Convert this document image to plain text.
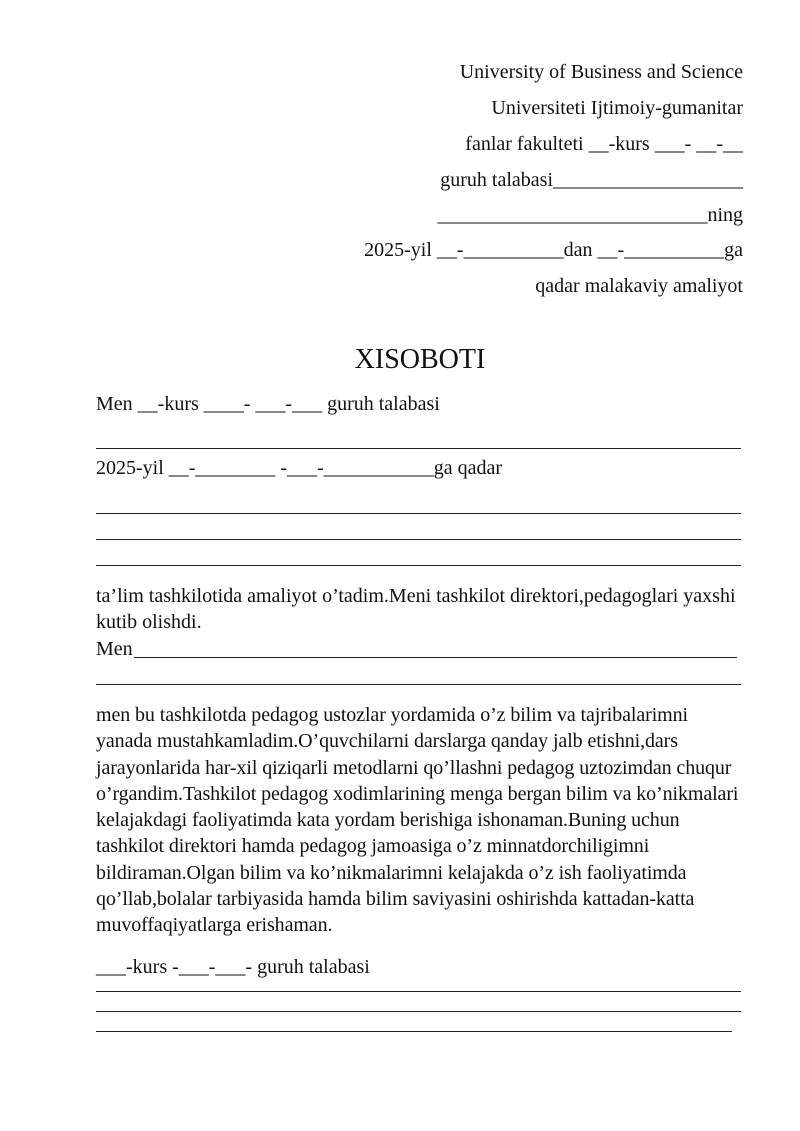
University of Business and Science
Universiteti Ijtimoiy-gumanitar
fanlar fakulteti __-kurs ___- __-__
guruh talabasi___________________
___________________________ning
2025-yil __-__________dan __-__________ga
qadar malakaviy amaliyot
XISOBOTI
Men __-kurs ____- ___-___ guruh talabasi
2025-yil __-________ -___-___________ga qadar
ta’lim tashkilotida amaliyot o’tadim.Meni tashkilot direktori,pedagoglari yaxshi kutib olishdi.
Men
men bu tashkilotda pedagog ustozlar yordamida o’z bilim va tajribalarimni yanada mustahkamladim.O’quvchilarni darslarga qanday jalb etishni,dars jarayonlarida har-xil qiziqarli metodlarni qo’llashni pedagog uztozimdan chuqur o’rgandim.Tashkilot pedagog xodimlarining menga bergan bilim va ko’nikmalari kelajakdagi faoliyatimda kata yordam berishiga ishonaman.Buning uchun tashkilot direktori hamda pedagog jamoasiga o’z minnatdorchiligimni bildiraman.Olgan bilim va ko’nikmalarimni kelajakda o’z ish faoliyatimda qo’llab,bolalar tarbiyasida hamda bilim saviyasini oshirishda kattadan-katta muvoffaqiyatlarga erishaman.
___-kurs -___-___- guruh talabasi
